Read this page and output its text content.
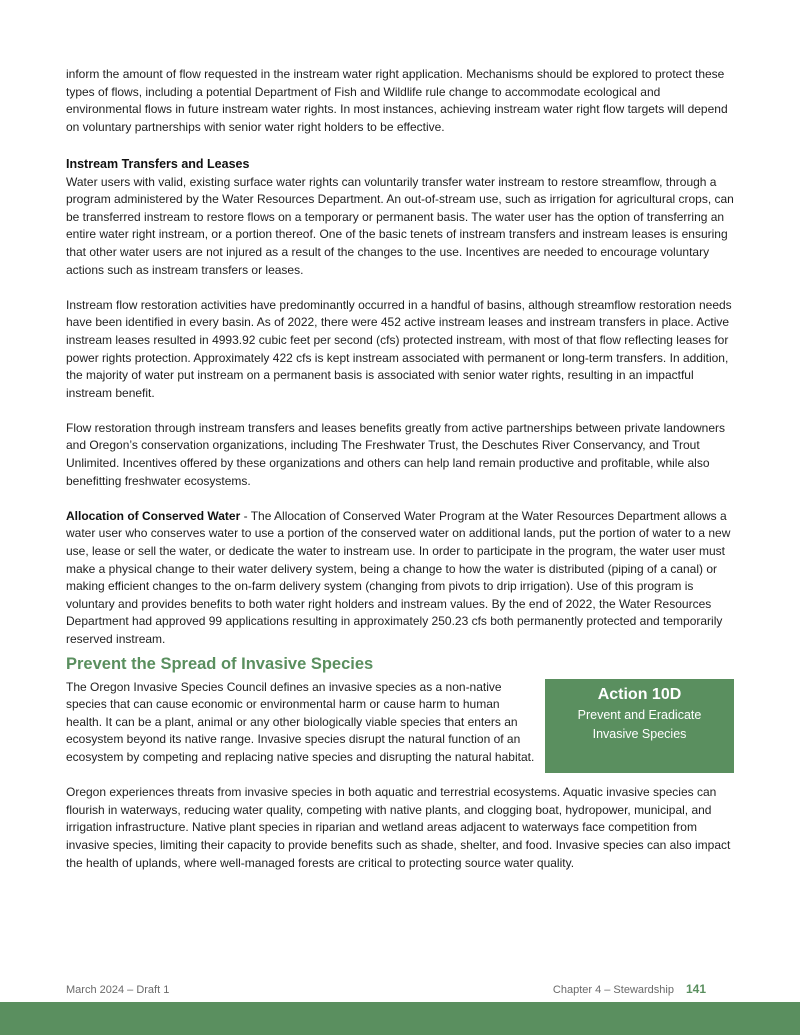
inform the amount of flow requested in the instream water right application. Mechanisms should be explored to protect these types of flows, including a potential Department of Fish and Wildlife rule change to accommodate ecological and environmental flows in future instream water rights. In most instances, achieving instream water right flow targets will depend on voluntary partnerships with senior water right holders to be effective.

Instream Transfers and Leases

Water users with valid, existing surface water rights can voluntarily transfer water instream to restore streamflow, through a program administered by the Water Resources Department. An out-of-stream use, such as irrigation for agricultural crops, can be transferred instream to restore flows on a temporary or permanent basis. The water user has the option of transferring an entire water right instream, or a portion thereof. One of the basic tenets of instream transfers and instream leases is ensuring that other water users are not injured as a result of the changes to the use. Incentives are needed to encourage voluntary actions such as instream transfers or leases.

Instream flow restoration activities have predominantly occurred in a handful of basins, although streamflow restoration needs have been identified in every basin. As of 2022, there were 452 active instream leases and instream transfers in place. Active instream leases resulted in 4993.92 cubic feet per second (cfs) protected instream, with most of that flow reflecting leases for power rights protection. Approximately 422 cfs is kept instream associated with permanent or long-term transfers. In addition, the majority of water put instream on a permanent basis is associated with senior water rights, resulting in an impactful instream benefit.

Flow restoration through instream transfers and leases benefits greatly from active partnerships between private landowners and Oregon’s conservation organizations, including The Freshwater Trust, the Deschutes River Conservancy, and Trout Unlimited. Incentives offered by these organizations and others can help land remain productive and profitable, while also benefitting freshwater ecosystems.

Allocation of Conserved Water - The Allocation of Conserved Water Program at the Water Resources Department allows a water user who conserves water to use a portion of the conserved water on additional lands, put the portion of water to a new use, lease or sell the water, or dedicate the water to instream use. In order to participate in the program, the water user must make a physical change to their water delivery system, being a change to how the water is distributed (piping of a canal) or making efficient changes to the on-farm delivery system (changing from pivots to drip irrigation). Use of this program is voluntary and provides benefits to both water right holders and instream values. By the end of 2022, the Water Resources Department had approved 99 applications resulting in approximately 250.23 cfs both permanently protected and temporarily reserved instream.

Prevent the Spread of Invasive Species

The Oregon Invasive Species Council defines an invasive species as a non-native species that can cause economic or environmental harm or cause harm to human health. It can be a plant, animal or any other biologically viable species that enters an ecosystem beyond its native range. Invasive species disrupt the natural function of an ecosystem by competing and replacing native species and disrupting the natural habitat.

Action 10D
Prevent and Eradicate
Invasive Species

Oregon experiences threats from invasive species in both aquatic and terrestrial ecosystems. Aquatic invasive species can flourish in waterways, reducing water quality, competing with native plants, and clogging boat, hydropower, municipal, and irrigation infrastructure. Native plant species in riparian and wetland areas adjacent to waterways face competition from invasive species, limiting their capacity to provide benefits such as shade, shelter, and food. Invasive species can also impact the health of uplands, where well-managed forests are critical to protecting source water quality.

March 2024 – Draft 1	Chapter 4 – Stewardship 141
